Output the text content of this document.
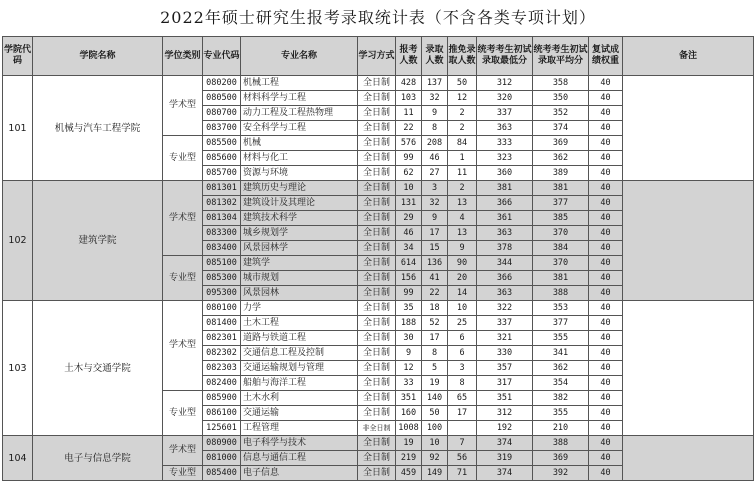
2022年硕士研究生报考录取统计表（不含各类专项计划）
学院代码	学院名称	学位类别	专业代码	专业名称	学习方式	报考人数	录取人数	推免录取人数	统考考生初试录取最低分	统考考生初试录取平均分	复试成绩权重	备注
101	机械与汽车工程学院	学术型	080200	机械工程	全日制	428	137	50	312	358	40	
			080500	材料科学与工程	全日制	103	32	12	320	350	40	
			080700	动力工程及工程热物理	全日制	11	9	2	337	352	40	
			083700	安全科学与工程	全日制	22	8	2	363	374	40	
		专业型	085500	机械	全日制	576	208	84	333	369	40	
			085600	材料与化工	全日制	99	46	1	323	362	40	
			085700	资源与环境	全日制	62	27	11	360	389	40	
102	建筑学院	学术型	081301	建筑历史与理论	全日制	10	3	2	381	381	40	
			081302	建筑设计及其理论	全日制	131	32	13	366	377	40	
			081304	建筑技术科学	全日制	29	9	4	361	385	40	
			083300	城乡规划学	全日制	46	17	13	363	370	40	
			083400	风景园林学	全日制	34	15	9	378	384	40	
		专业型	085100	建筑学	全日制	614	136	90	344	370	40	
			085300	城市规划	全日制	156	41	20	366	381	40	
			095300	风景园林	全日制	99	22	14	363	388	40	
103	土木与交通学院	学术型	080100	力学	全日制	35	18	10	322	353	40	
			081400	土木工程	全日制	188	52	25	337	377	40	
			082301	道路与铁道工程	全日制	30	17	6	321	355	40	
			082302	交通信息工程及控制	全日制	9	8	6	330	341	40	
			082303	交通运输规划与管理	全日制	12	5	3	357	362	40	
			082400	船舶与海洋工程	全日制	33	19	8	317	354	40	
		专业型	085900	土木水利	全日制	351	140	65	351	382	40	
			086100	交通运输	全日制	160	50	17	312	355	40	
			125601	工程管理	非全日制	1008	100		192	210	40	
104	电子与信息学院	学术型	080900	电子科学与技术	全日制	19	10	7	374	388	40	
			081000	信息与通信工程	全日制	219	92	56	319	369	40	
		专业型	085400	电子信息	全日制	459	149	71	374	392	40	
